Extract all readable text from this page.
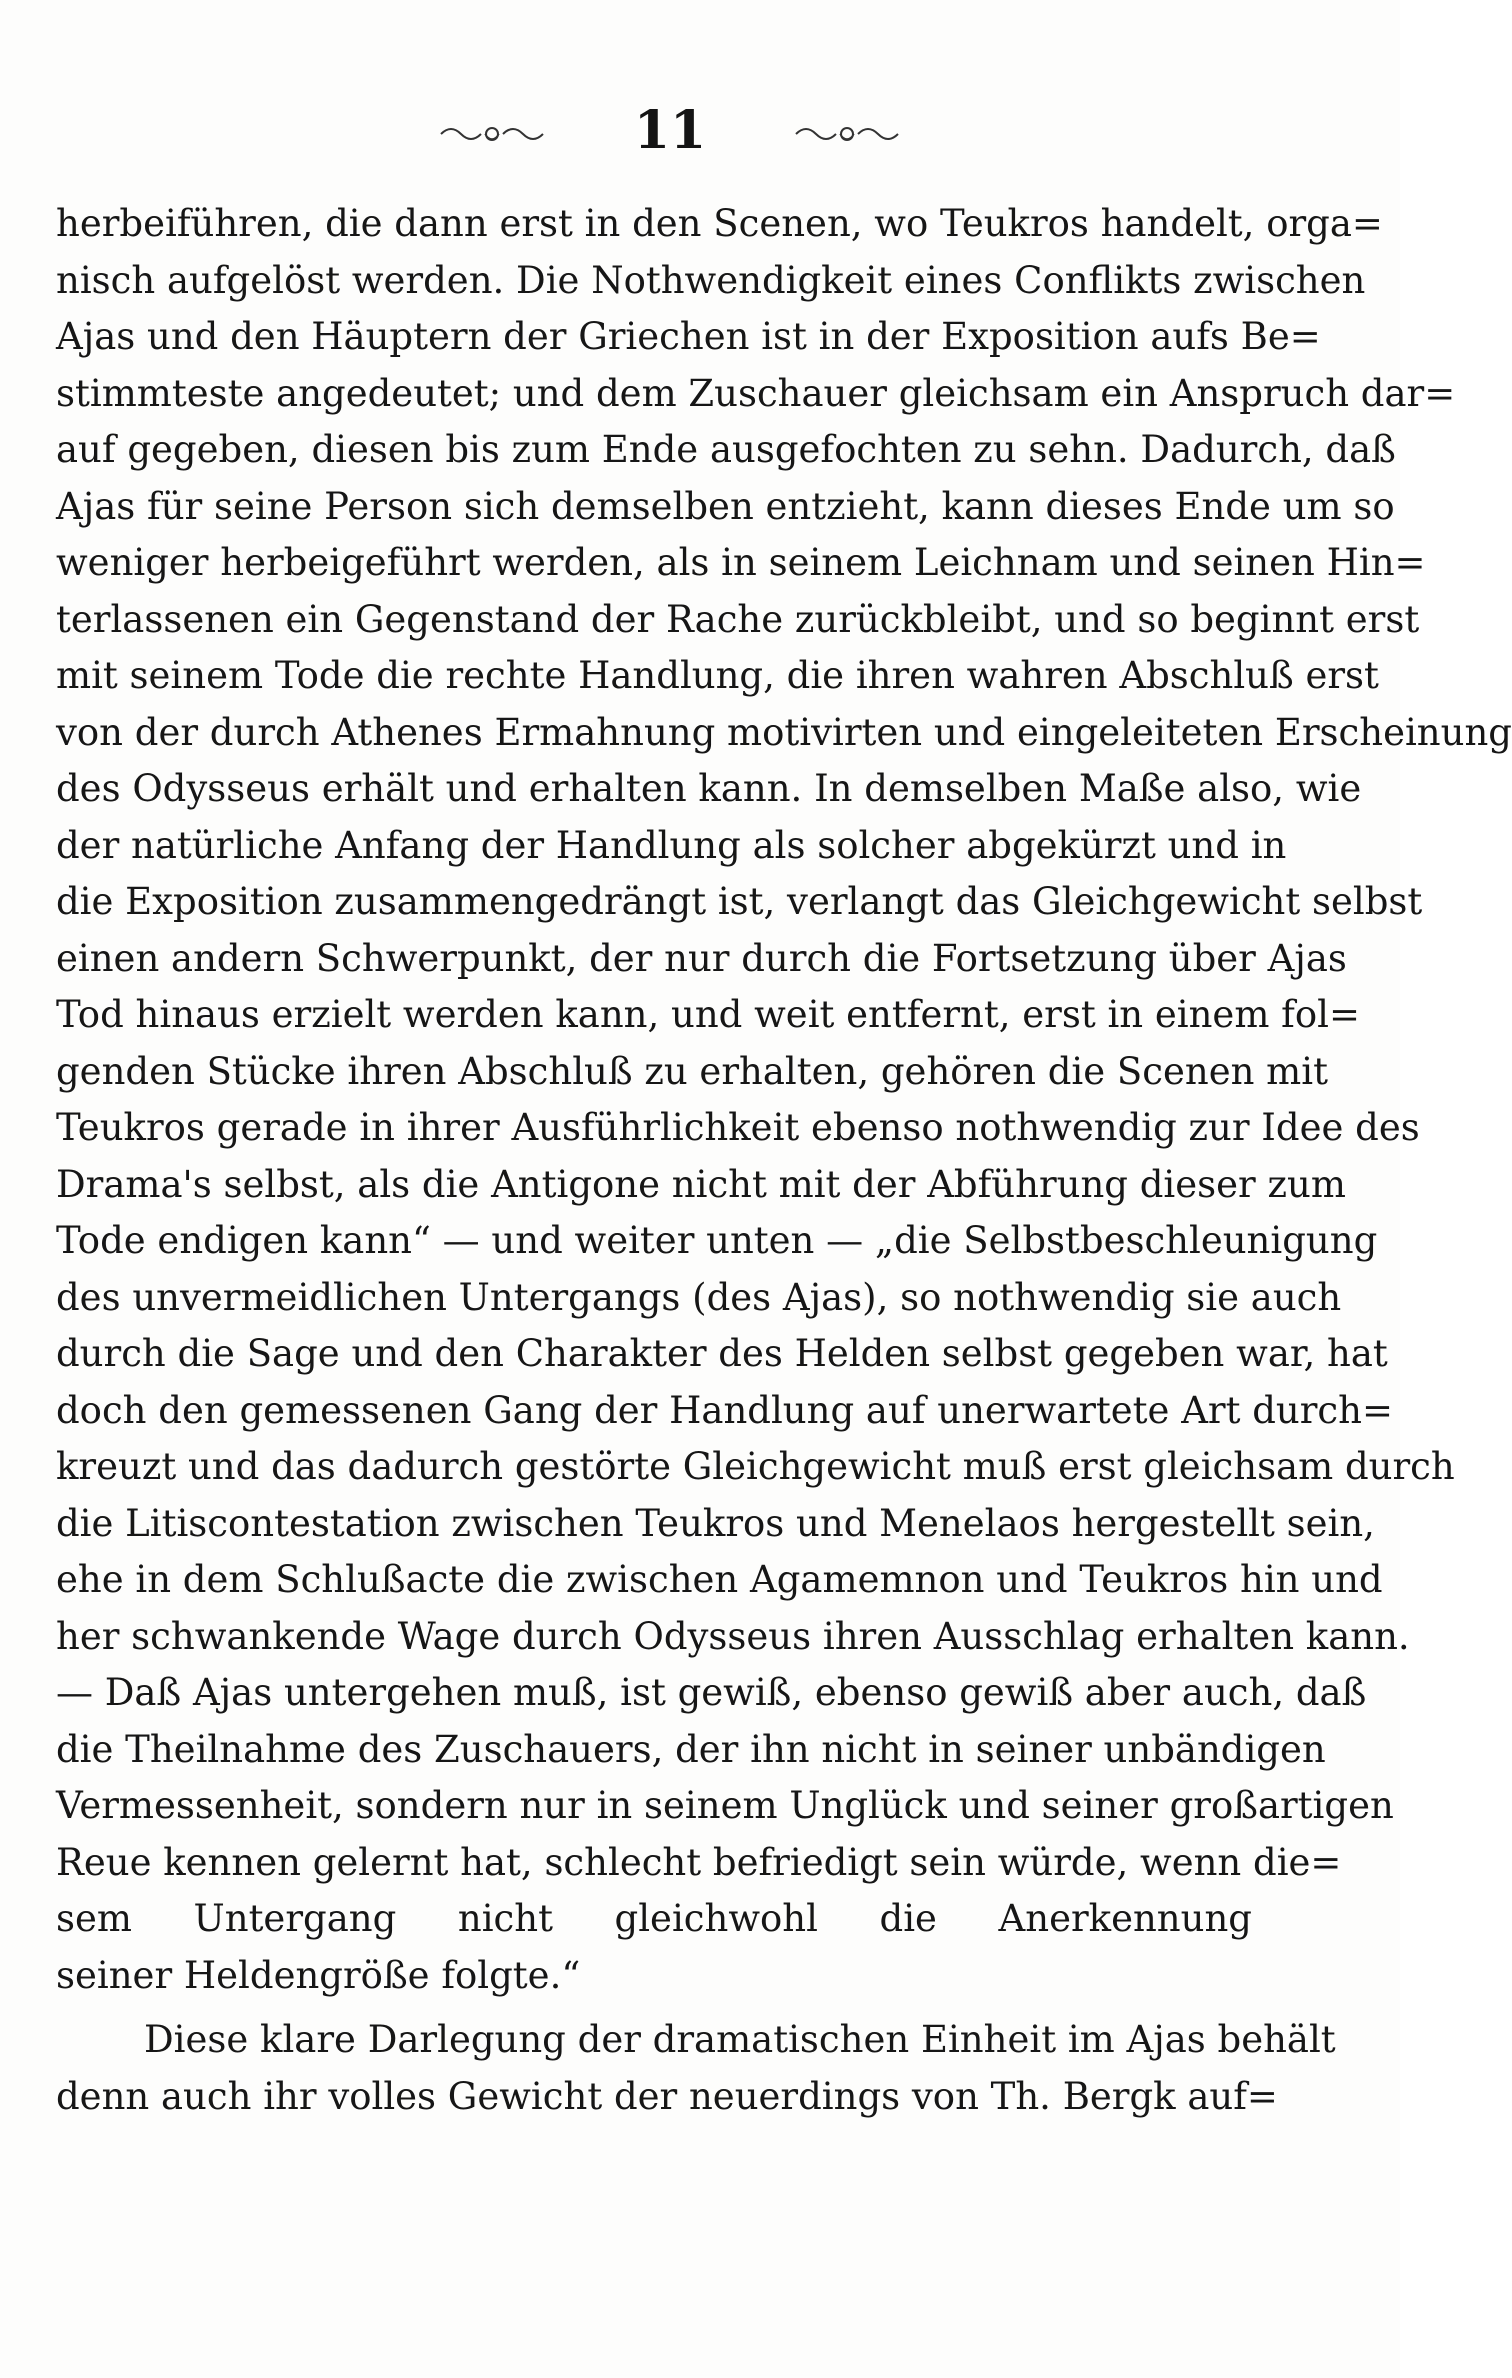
11
herbeiführen, die dann erst in den Scenen, wo Teukros handelt, orga=
nisch aufgelöst werden. Die Nothwendigkeit eines Conflikts zwischen
Ajas und den Häuptern der Griechen ist in der Exposition aufs Be=
stimmteste angedeutet; und dem Zuschauer gleichsam ein Anspruch dar=
auf gegeben, diesen bis zum Ende ausgefochten zu sehn. Dadurch, daß
Ajas für seine Person sich demselben entzieht, kann dieses Ende um so
weniger herbeigeführt werden, als in seinem Leichnam und seinen Hin=
terlassenen ein Gegenstand der Rache zurückbleibt, und so beginnt erst
mit seinem Tode die rechte Handlung, die ihren wahren Abschluß erst
von der durch Athenes Ermahnung motivirten und eingeleiteten Erscheinung
des Odysseus erhält und erhalten kann. In demselben Maße also, wie
der natürliche Anfang der Handlung als solcher abgekürzt und in
die Exposition zusammengedrängt ist, verlangt das Gleichgewicht selbst
einen andern Schwerpunkt, der nur durch die Fortsetzung über Ajas
Tod hinaus erzielt werden kann, und weit entfernt, erst in einem fol=
genden Stücke ihren Abschluß zu erhalten, gehören die Scenen mit
Teukros gerade in ihrer Ausführlichkeit ebenso nothwendig zur Idee des
Drama's selbst, als die Antigone nicht mit der Abführung dieser zum
Tode endigen kann“ — und weiter unten — „die Selbstbeschleunigung
des unvermeidlichen Untergangs (des Ajas), so nothwendig sie auch
durch die Sage und den Charakter des Helden selbst gegeben war, hat
doch den gemessenen Gang der Handlung auf unerwartete Art durch=
kreuzt und das dadurch gestörte Gleichgewicht muß erst gleichsam durch
die Litiscontestation zwischen Teukros und Menelaos hergestellt sein,
ehe in dem Schlußacte die zwischen Agamemnon und Teukros hin und
her schwankende Wage durch Odysseus ihren Ausschlag erhalten kann.
— Daß Ajas untergehen muß, ist gewiß, ebenso gewiß aber auch, daß
die Theilnahme des Zuschauers, der ihn nicht in seiner unbändigen
Vermessenheit, sondern nur in seinem Unglück und seiner großartigen
Reue kennen gelernt hat, schlecht befriedigt sein würde, wenn die=
sem Untergang nicht gleichwohl die Anerkennung
seiner Heldengröße folgte.“
Diese klare Darlegung der dramatischen Einheit im Ajas behält
denn auch ihr volles Gewicht der neuerdings von Th. Bergk auf=
